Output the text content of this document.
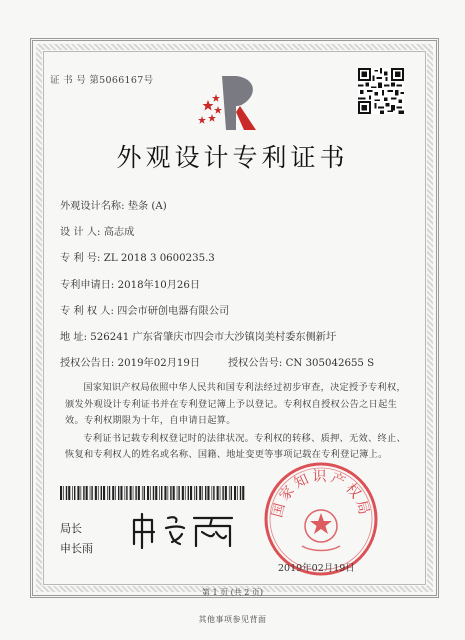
证 书 号 第5066167号
外观设计专利证书
外观设计名称: 垫条 (A)
设 计 人: 高志成
专 利 号: ZL 2018 3 0600235.3
专利申请日: 2018年10月26日
专 利 权 人: 四会市研创电器有限公司
地 址: 526241 广东省肇庆市四会市大沙镇岗美村委东侧新圩
授权公告日: 2019年02月19日	授权公告号: CN 305042655 S

国家知识产权局依照中华人民共和国专利法经过初步审查，决定授予专利权，颁发外观设计专利证书并在专利登记簿上予以登记。专利权自授权公告之日起生效。专利权期限为十年，自申请日起算。

专利证书记载专利权登记时的法律状况。专利权的转移、质押、无效、终止、恢复和专利权人的姓名或名称、国籍、地址变更等事项记载在专利登记簿上。

局长
申长雨
国家知识产权局
2019年02月19日
第 1 页 (共 2 页)
其他事项参见背面
